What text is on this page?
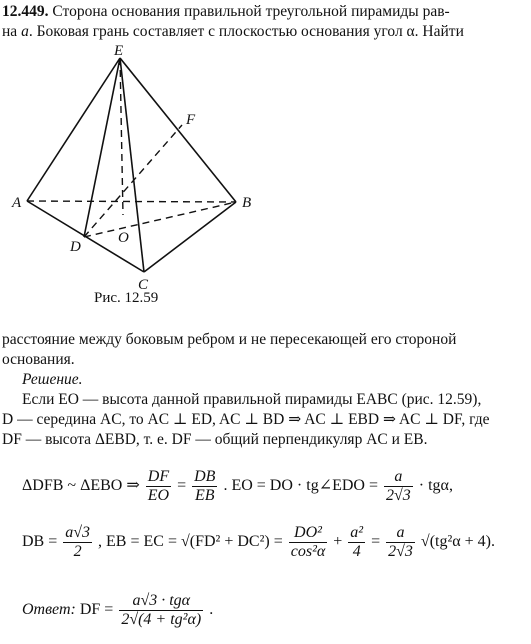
12.449. Сторона основания правильной треугольной пирамиды рав-
на a. Боковая грань составляет с плоскостью основания угол α. Найти
E
F
A	B
D
O
C
Рис. 12.59
расстояние между боковым ребром и не пересекающей его стороной
основания.
Решение.
Если EO — высота данной правильной пирамиды EABC (рис. 12.59),
D — середина AC, то AC ⊥ ED, AC ⊥ BD ⇒ AC ⊥ EBD ⇒ AC ⊥ DF, где
DF — высота ΔEBD, т. е. DF — общий перпендикуляр AC и EB.
ΔDFB ~ ΔEBO ⇒ $\frac{DF}{EO} = \frac{DB}{EB}$ . EO = DO · tg∠EDO = $\frac{a}{2√3} \cdot tg\alpha$,
DB = $\frac{a√3}{2}$ , EB = EC = $√(FD^2 + DC^2) = \frac{\text{DO²}}{\text{cos²α}} + \frac{\text{a²}}{4} = \frac{a}{2√3} √(tg^2\alpha + 4)$.
Ответ: DF = $\frac{\text{a√3 · tgα}}{\text{2√(4 + tg²α)}}$ .
